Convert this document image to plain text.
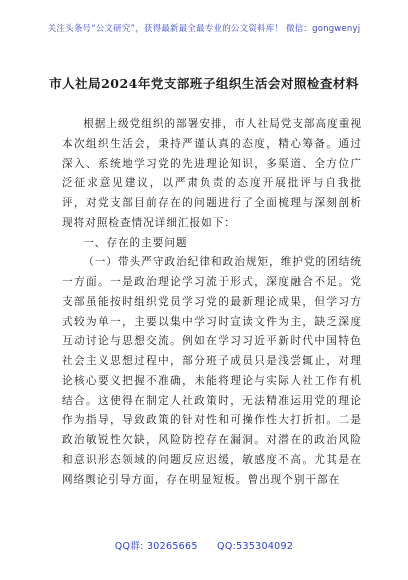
关注头条号“公文研究”，获得最新最全最专业的公文资料库！ 微信：gongwenyj
市人社局2024年党支部班子组织生活会对照检查材料

根据上级党组织的部署安排，市人社局党支部高度重视本次组织生活会，秉持严谨认真的态度，精心筹备。通过深入、系统地学习党的先进理论知识，多渠道、全方位广泛征求意见建议，以严肃负责的态度开展批评与自我批评，对党支部目前存在的问题进行了全面梳理与深刻剖析现将对照检查情况详细汇报如下：

一、存在的主要问题

（一）带头严守政治纪律和政治规矩，维护党的团结统一方面。一是政治理论学习流于形式，深度融合不足。党支部虽能按时组织党员学习党的最新理论成果，但学习方式较为单一，主要以集中学习时宣读文件为主，缺乏深度互动讨论与思想交流。例如在学习习近平新时代中国特色社会主义思想过程中，部分班子成员只是浅尝辄止，对理论核心要义把握不准确，未能将理论与实际人社工作有机结合。这使得在制定人社政策时，无法精准运用党的理论作为指导，导致政策的针对性和可操作性大打折扣。二是政治敏锐性欠缺，风险防控存在漏洞。对潜在的政治风险和意识形态领域的问题反应迟缓，敏感度不高。尤其是在网络舆论引导方面，存在明显短板。曾出现个别干部在

QQ群: 30265665 QQ:535304092
